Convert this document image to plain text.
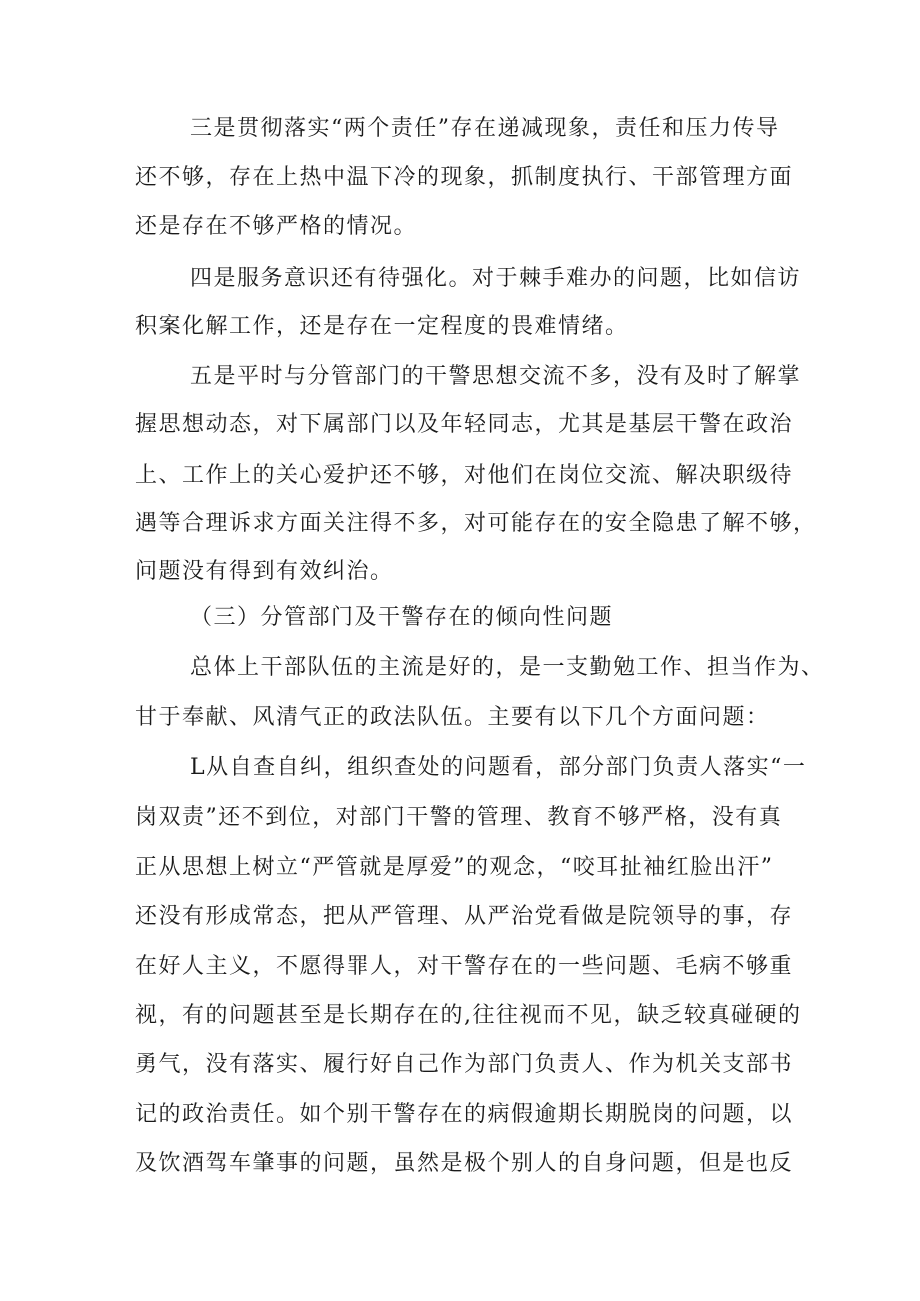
三是贯彻落实“两个责任”存在递减现象，责任和压力传导
还不够，存在上热中温下冷的现象，抓制度执行、干部管理方面
还是存在不够严格的情况。
四是服务意识还有待强化。对于棘手难办的问题，比如信访
积案化解工作，还是存在一定程度的畏难情绪。
五是平时与分管部门的干警思想交流不多，没有及时了解掌
握思想动态，对下属部门以及年轻同志，尤其是基层干警在政治
上、工作上的关心爱护还不够，对他们在岗位交流、解决职级待
遇等合理诉求方面关注得不多，对可能存在的安全隐患了解不够，
问题没有得到有效纠治。
（三）分管部门及干警存在的倾向性问题
总体上干部队伍的主流是好的，是一支勤勉工作、担当作为、
甘于奉献、风清气正的政法队伍。主要有以下几个方面问题：
L从自查自纠，组织查处的问题看，部分部门负责人落实“一
岗双责”还不到位，对部门干警的管理、教育不够严格，没有真
正从思想上树立“严管就是厚爱”的观念，“咬耳扯袖红脸出汗”
还没有形成常态，把从严管理、从严治党看做是院领导的事，存
在好人主义，不愿得罪人，对干警存在的一些问题、毛病不够重
视，有的问题甚至是长期存在的,往往视而不见，缺乏较真碰硬的
勇气，没有落实、履行好自己作为部门负责人、作为机关支部书
记的政治责任。如个别干警存在的病假逾期长期脱岗的问题，以
及饮酒驾车肇事的问题，虽然是极个别人的自身问题，但是也反
